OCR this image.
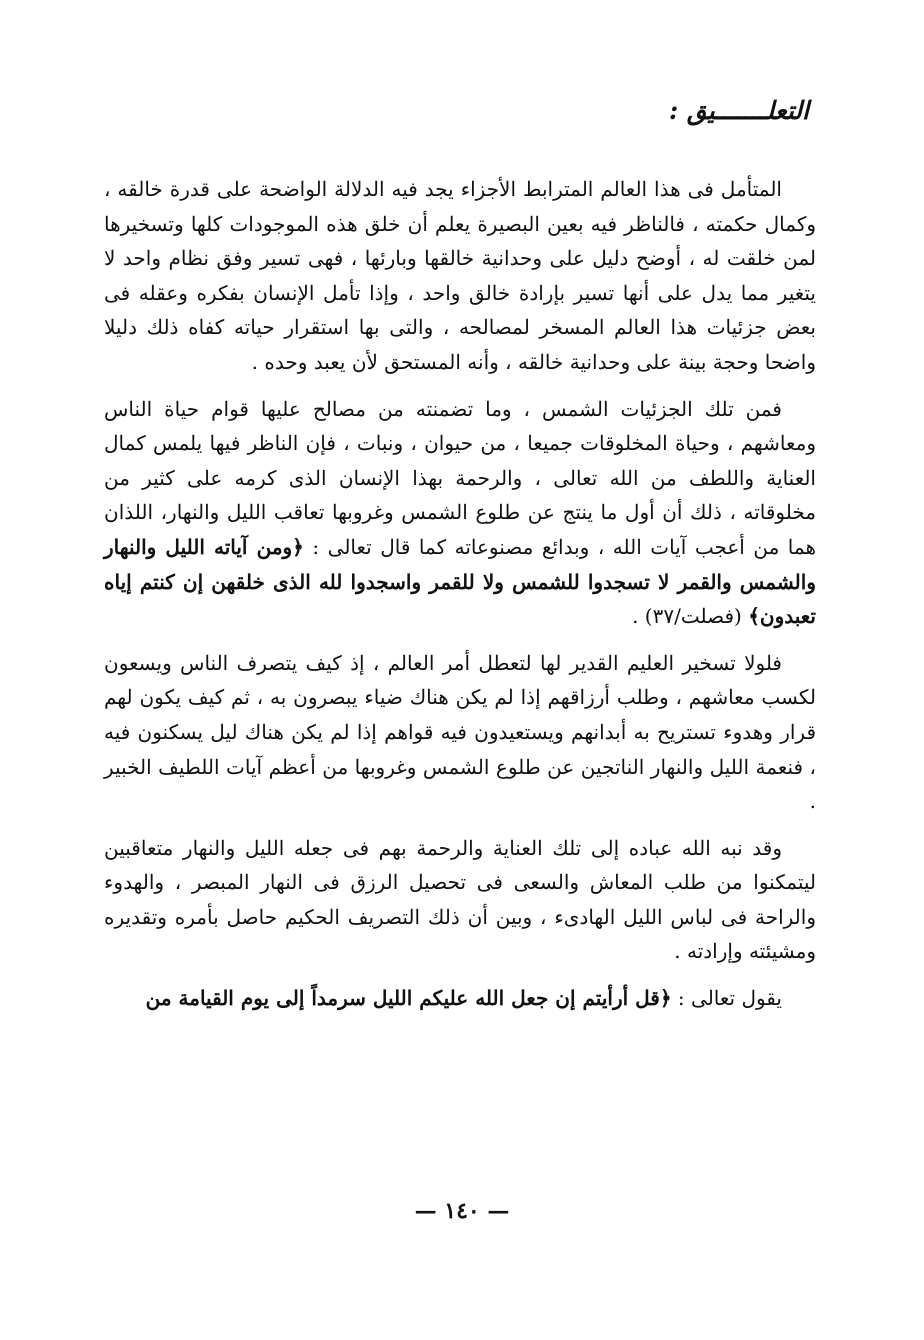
التعلـــــــيق :

المتأمل فى هذا العالم المترابط الأجزاء يجد فيه الدلالة الواضحة على قدرة خالقه ، وكمال حكمته ، فالناظر فيه بعين البصيرة يعلم أن خلق هذه الموجودات كلها وتسخيرها لمن خلقت له ، أوضح دليل على وحدانية خالقها وبارئها ، فهى تسير وفق نظام واحد لا يتغير مما يدل على أنها تسير بإرادة خالق واحد ، وإذا تأمل الإنسان بفكره وعقله فى بعض جزئيات هذا العالم المسخر لمصالحه ، والتى بها استقرار حياته كفاه ذلك دليلا واضحا وحجة بينة على وحدانية خالقه ، وأنه المستحق لأن يعبد وحده .

فمن تلك الجزئيات الشمس ، وما تضمنته من مصالح عليها قوام حياة الناس ومعاشهم ، وحياة المخلوقات جميعا ، من حيوان ، ونبات ، فإن الناظر فيها يلمس كمال العناية واللطف من الله تعالى ، والرحمة بهذا الإنسان الذى كرمه على كثير من مخلوقاته ، ذلك أن أول ما ينتج عن طلوع الشمس وغروبها تعاقب الليل والنهار، اللذان هما من أعجب آيات الله ، وبدائع مصنوعاته كما قال تعالى : ﴿ومن آياته الليل والنهار والشمس والقمر لا تسجدوا للشمس ولا للقمر واسجدوا لله الذى خلقهن إن كنتم إياه تعبدون﴾ (فصلت/٣٧) .

فلولا تسخير العليم القدير لها لتعطل أمر العالم ، إذ كيف يتصرف الناس ويسعون لكسب معاشهم ، وطلب أرزاقهم إذا لم يكن هناك ضياء يبصرون به ، ثم كيف يكون لهم قرار وهدوء تستريح به أبدانهم ويستعيدون فيه قواهم إذا لم يكن هناك ليل يسكنون فيه ، فنعمة الليل والنهار الناتجين عن طلوع الشمس وغروبها من أعظم آيات اللطيف الخبير .

وقد نبه الله عباده إلى تلك العناية والرحمة بهم فى جعله الليل والنهار متعاقبين ليتمكنوا من طلب المعاش والسعى فى تحصيل الرزق فى النهار المبصر ، والهدوء والراحة فى لباس الليل الهادىء ، وبين أن ذلك التصريف الحكيم حاصل بأمره وتقديره ومشيئته وإرادته .

يقول تعالى : ﴿قل أرأيتم إن جعل الله عليكم الليل سرمداً إلى يوم القيامة من

— ١٤٠ —
